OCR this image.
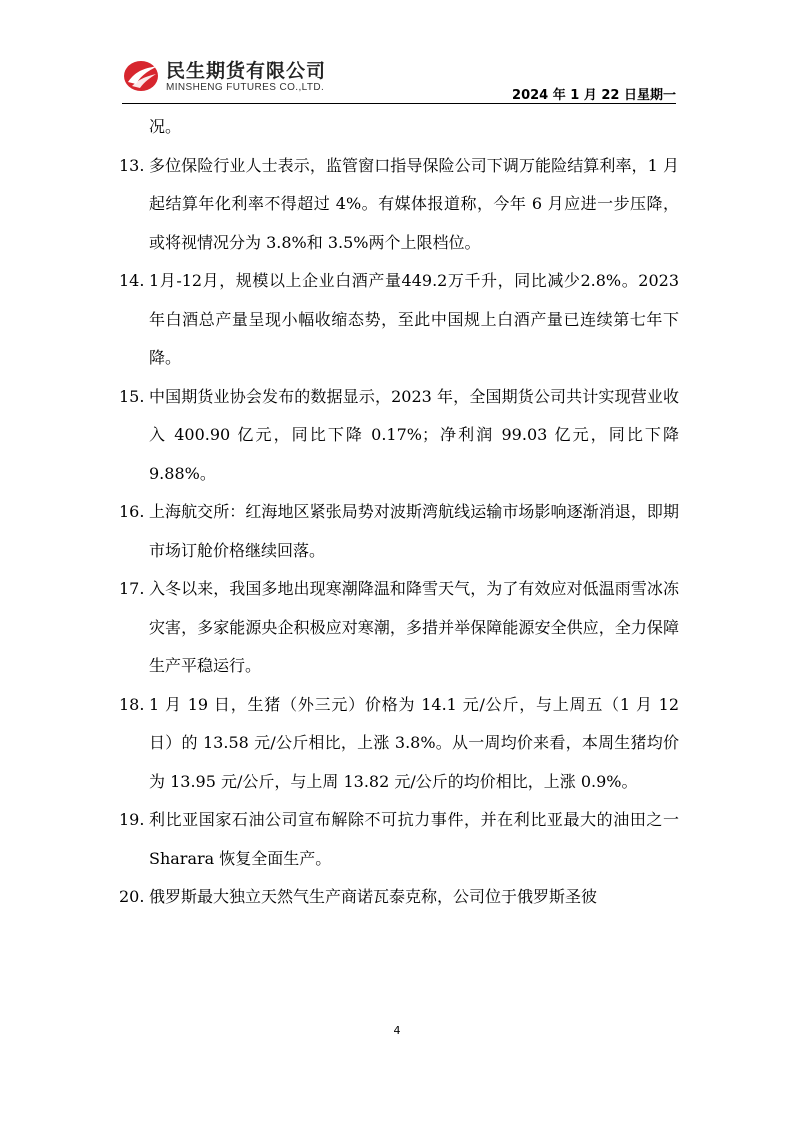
民生期货有限公司
MINSHENG FUTURES CO.,LTD.
2024 年 1 月 22 日星期一

况。

13. 多位保险行业人士表示，监管窗口指导保险公司下调万能险结算利率，1 月起结算年化利率不得超过 4%。有媒体报道称，今年 6 月应进一步压降，或将视情况分为 3.8%和 3.5%两个上限档位。
14. 1月-12月，规模以上企业白酒产量449.2万千升，同比减少2.8%。2023 年白酒总产量呈现小幅收缩态势，至此中国规上白酒产量已连续第七年下降。
15. 中国期货业协会发布的数据显示，2023 年，全国期货公司共计实现营业收入 400.90 亿元，同比下降 0.17%；净利润 99.03 亿元，同比下降 9.88%。
16. 上海航交所：红海地区紧张局势对波斯湾航线运输市场影响逐渐消退，即期市场订舱价格继续回落。
17. 入冬以来，我国多地出现寒潮降温和降雪天气，为了有效应对低温雨雪冰冻灾害，多家能源央企积极应对寒潮，多措并举保障能源安全供应，全力保障生产平稳运行。
18. 1 月 19 日，生猪（外三元）价格为 14.1 元/公斤，与上周五（1 月 12 日）的 13.58 元/公斤相比，上涨 3.8%。从一周均价来看，本周生猪均价为 13.95 元/公斤，与上周 13.82 元/公斤的均价相比，上涨 0.9%。
19. 利比亚国家石油公司宣布解除不可抗力事件，并在利比亚最大的油田之一 Sharara 恢复全面生产。
20. 俄罗斯最大独立天然气生产商诺瓦泰克称，公司位于俄罗斯圣彼
4
